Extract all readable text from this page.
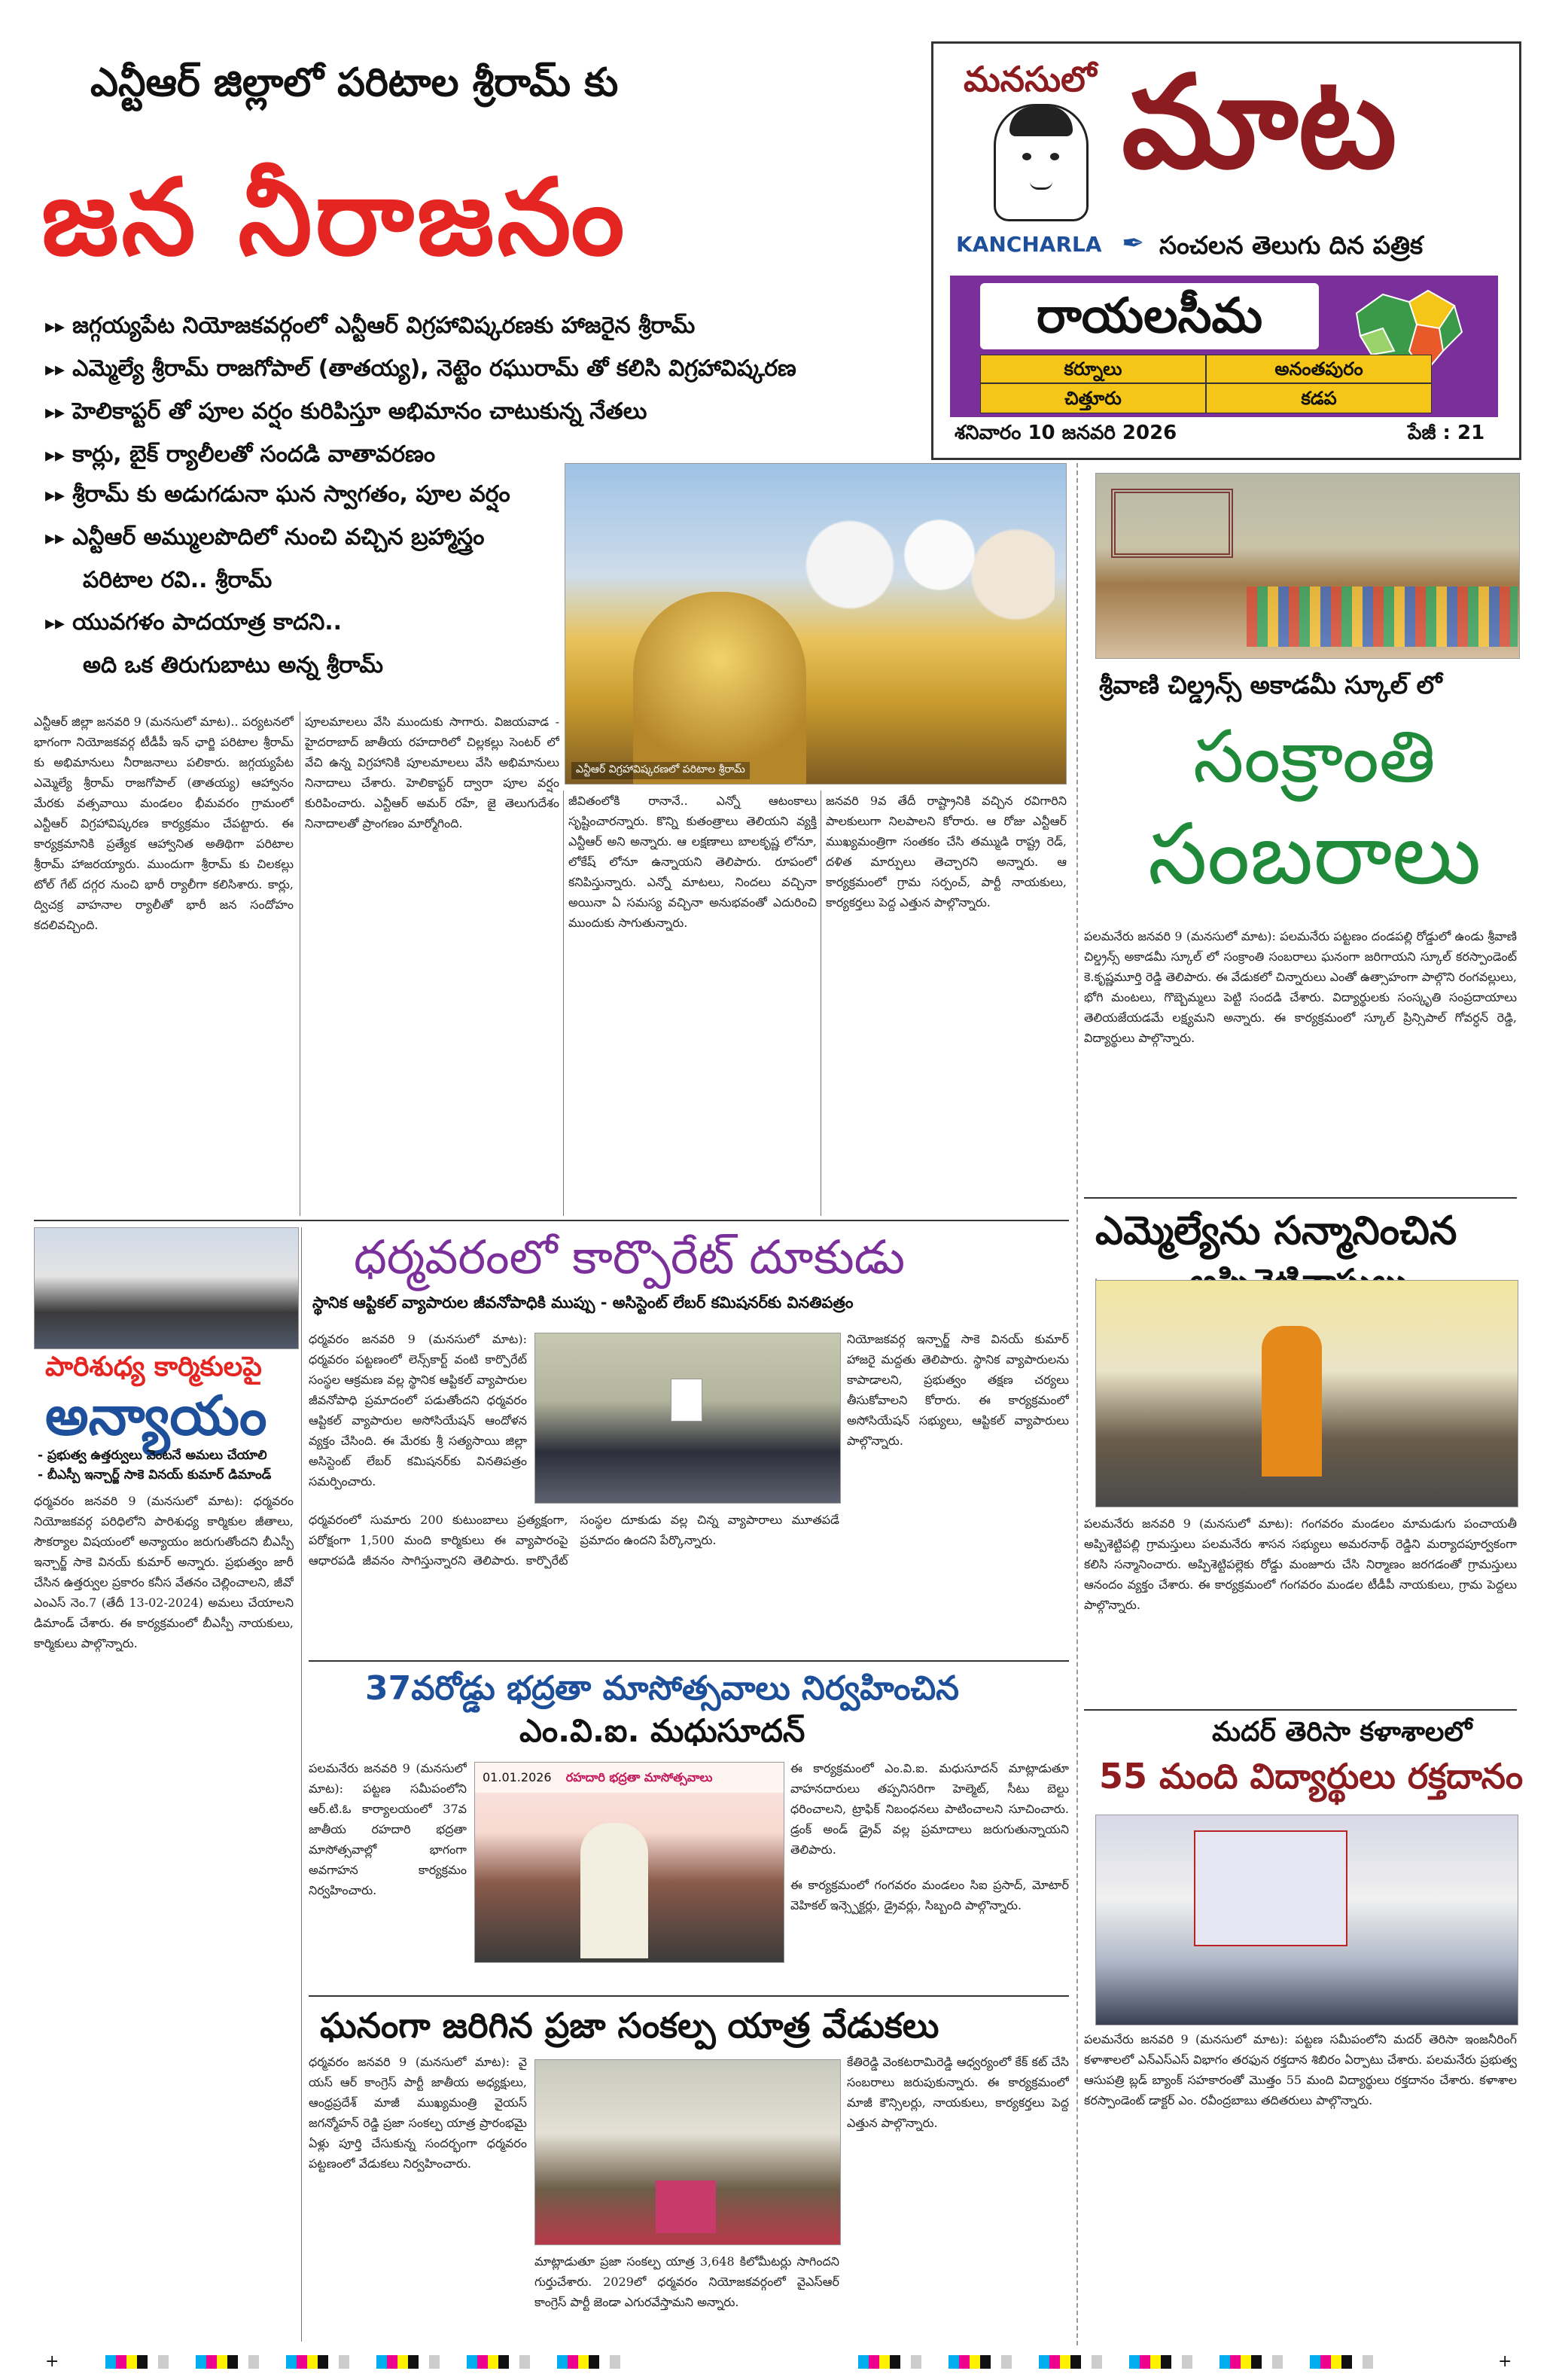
ఎన్టీఆర్ జిల్లాలో పరిటాల శ్రీరామ్ కు
జన నీరాజనం
▸▸ జగ్గయ్యపేట నియోజకవర్గంలో ఎన్టీఆర్ విగ్రహావిష్కరణకు హాజరైన శ్రీరామ్
▸▸ ఎమ్మెల్యే శ్రీరామ్ రాజగోపాల్ (తాతయ్య), నెట్టెం రఘురామ్ తో కలిసి విగ్రహావిష్కరణ
▸▸ హెలికాప్టర్ తో పూల వర్షం కురిపిస్తూ అభిమానం చాటుకున్న నేతలు
▸▸ కార్లు, బైక్ ర్యాలీలతో సందడి వాతావరణం
▸▸ శ్రీరామ్ కు అడుగడునా ఘన స్వాగతం, పూల వర్షం
▸▸ ఎన్టీఆర్ అమ్ములపొదిలో నుంచి వచ్చిన బ్రహ్మాస్త్రం
పరిటాల రవి.. శ్రీరామ్
▸▸ యువగళం పాదయాత్ర కాదని..
అది ఒక తిరుగుబాటు అన్న శ్రీరామ్
ఎన్టీఆర్ విగ్రహావిష్కరణలో పరిటాల శ్రీరామ్
ఎన్టీఆర్ జిల్లా జనవరి 9 (మనసులో మాట).. పర్యటనలో భాగంగా నియోజకవర్గ టీడీపీ ఇన్ ఛార్జి పరిటాల శ్రీరామ్ కు అభిమానులు నీరాజనాలు పలికారు. జగ్గయ్యపేట ఎమ్మెల్యే శ్రీరామ్ రాజగోపాల్ (తాతయ్య) ఆహ్వానం మేరకు వత్సవాయి మండలం భీమవరం గ్రామంలో ఎన్టీఆర్ విగ్రహావిష్కరణ కార్యక్రమం చేపట్టారు. ఈ కార్యక్రమానికి ప్రత్యేక ఆహ్వానిత అతిథిగా పరిటాల శ్రీరామ్ హాజరయ్యారు. ముందుగా శ్రీరామ్ కు చిలకల్లు టోల్ గేట్ దగ్గర నుంచి భారీ ర్యాలీగా కలిసిశారు. కార్లు, ద్విచక్ర వాహనాల ర్యాలీతో భారీ జన సందోహం కదలివచ్చింది.
పూలమాలలు వేసి ముందుకు సాగారు. విజయవాడ - హైదరాబాద్ జాతీయ రహదారిలో చిల్లకల్లు సెంటర్ లో వేచి ఉన్న విగ్రహానికి పూలమాలలు వేసి అభిమానులు నినాదాలు చేశారు. హెలికాప్టర్ ద్వారా పూల వర్షం కురిపించారు. ఎన్టీఆర్ అమర్ రహే, జై తెలుగుదేశం నినాదాలతో ప్రాంగణం మార్మోగింది.
జీవితంలోకి రానానే.. ఎన్నో ఆటంకాలు సృష్టించారన్నారు. కొన్ని కుతంత్రాలు తెలియని వ్యక్తి ఎన్టీఆర్ అని అన్నారు. ఆ లక్షణాలు బాలకృష్ణ లోనూ, లోకేష్ లోనూ ఉన్నాయని తెలిపారు. రూపంలో కనిపిస్తున్నారు. ఎన్నో మాటలు, నిందలు వచ్చినా అయినా ఏ సమస్య వచ్చినా అనుభవంతో ఎదురించి ముందుకు సాగుతున్నారు.
జనవరి 9వ తేదీ రాష్ట్రానికి వచ్చిన రవిగారిని పాలకులుగా నిలపాలని కోరారు. ఆ రోజు ఎన్టీఆర్ ముఖ్యమంత్రిగా సంతకం చేసి తమ్ముడి రాష్ట్ర రెడ్, దళిత మార్పులు తెచ్చారని అన్నారు. ఆ కార్యక్రమంలో గ్రామ సర్పంచ్, పార్టీ నాయకులు, కార్యకర్తలు పెద్ద ఎత్తున పాల్గొన్నారు.
మనసులో మాట
KANCHARLA ✒ సంచలన తెలుగు దిన పత్రిక
రాయలసీమ
కర్నూలు	అనంతపురం
చిత్తూరు	కడప
శనివారం 10 జనవరి 2026	పేజీ : 21
శ్రీవాణి చిల్డ్రన్స్ అకాడమీ స్కూల్ లో
సంక్రాంతి
సంబరాలు
పలమనేరు జనవరి 9 (మనసులో మాట): పలమనేరు పట్టణం దండపల్లి రోడ్డులో ఉండు శ్రీవాణి చిల్డ్రన్స్ అకాడమీ స్కూల్ లో సంక్రాంతి సంబరాలు ఘనంగా జరిగాయని స్కూల్ కరస్పాండెంట్ కె.కృష్ణమూర్తి రెడ్డి తెలిపారు. ఈ వేడుకలో చిన్నారులు ఎంతో ఉత్సాహంగా పాల్గొని రంగవల్లులు, భోగి మంటలు, గొబ్బెమ్మలు పెట్టి సందడి చేశారు. విద్యార్థులకు సంస్కృతి సంప్రదాయాలు తెలియజేయడమే లక్ష్యమని అన్నారు. ఈ కార్యక్రమంలో స్కూల్ ప్రిన్సిపాల్ గోవర్ధన్ రెడ్డి, విద్యార్థులు పాల్గొన్నారు.
ఎమ్మెల్యేను సన్మానించిన
పలమనేరు జనవరి 9 (మనసులో మాట): గంగవరం మండలం మామడుగు పంచాయతీ అప్పిశెట్టిపల్లి గ్రామస్తులు పలమనేరు శాసన సభ్యులు అమరనాథ్ రెడ్డిని మర్యాదపూర్వకంగా కలిసి సన్మానించారు. అప్పిశెట్టిపల్లెకు రోడ్డు మంజూరు చేసి నిర్మాణం జరగడంతో గ్రామస్తులు ఆనందం వ్యక్తం చేశారు. ఈ కార్యక్రమంలో గంగవరం మండల టీడీపీ నాయకులు, గ్రామ పెద్దలు పాల్గొన్నారు.
మదర్ తెరిసా కళాశాలలో
55 మంది విద్యార్థులు రక్తదానం
పలమనేరు జనవరి 9 (మనసులో మాట): పట్టణ సమీపంలోని మదర్ తెరిసా ఇంజనీరింగ్ కళాశాలలో ఎన్ఎస్ఎస్ విభాగం తరఫున రక్తదాన శిబిరం ఏర్పాటు చేశారు. పలమనేరు ప్రభుత్వ ఆసుపత్రి బ్లడ్ బ్యాంక్ సహకారంతో మొత్తం 55 మంది విద్యార్థులు రక్తదానం చేశారు. కళాశాల కరస్పాండెంట్ డాక్టర్ ఎం. రవీంద్రబాబు తదితరులు పాల్గొన్నారు.
పారిశుధ్య కార్మికులపై
అన్యాయం
- ప్రభుత్వ ఉత్తర్వులు వెంటనే అమలు చేయాలి
- బీఎస్పీ ఇన్చార్జ్ సాకె వినయ్ కుమార్ డిమాండ్
ధర్మవరం జనవరి 9 (మనసులో మాట): ధర్మవరం నియోజకవర్గ పరిధిలోని పారిశుధ్య కార్మికుల జీతాలు, సౌకర్యాల విషయంలో అన్యాయం జరుగుతోందని బీఎస్పీ ఇన్చార్జ్ సాకె వినయ్ కుమార్ అన్నారు. ప్రభుత్వం జారీ చేసిన ఉత్తర్వుల ప్రకారం కనీస వేతనం చెల్లించాలని, జీవో ఎంఎస్ నెం.7 (తేదీ 13-02-2024) అమలు చేయాలని డిమాండ్ చేశారు. ఈ కార్యక్రమంలో బీఎస్పీ నాయకులు, కార్మికులు పాల్గొన్నారు.
ధర్మవరంలో కార్పొరేట్ దూకుడు
స్థానిక ఆప్టికల్ వ్యాపారుల జీవనోపాధికి ముప్పు - అసిస్టెంట్ లేబర్ కమిషనర్‌కు వినతిపత్రం
ధర్మవరం జనవరి 9 (మనసులో మాట): ధర్మవరం పట్టణంలో లెన్స్‌కార్ట్ వంటి కార్పొరేట్ సంస్థల ఆక్రమణ వల్ల స్థానిక ఆప్టికల్ వ్యాపారుల జీవనోపాధి ప్రమాదంలో పడుతోందని ధర్మవరం ఆప్టికల్ వ్యాపారుల అసోసియేషన్ ఆందోళన వ్యక్తం చేసింది. ఈ మేరకు శ్రీ సత్యసాయి జిల్లా అసిస్టెంట్ లేబర్ కమిషనర్‌కు వినతిపత్రం సమర్పించారు.
ధర్మవరంలో సుమారు 200 కుటుంబాలు ప్రత్యక్షంగా, పరోక్షంగా 1,500 మంది కార్మికులు ఈ వ్యాపారంపై ఆధారపడి జీవనం సాగిస్తున్నారని తెలిపారు. కార్పొరేట్ సంస్థల దూకుడు వల్ల చిన్న వ్యాపారాలు మూతపడే ప్రమాదం ఉందని పేర్కొన్నారు.
నియోజకవర్గ ఇన్చార్జ్ సాకె వినయ్ కుమార్ హాజరై మద్దతు తెలిపారు. స్థానిక వ్యాపారులను కాపాడాలని, ప్రభుత్వం తక్షణ చర్యలు తీసుకోవాలని కోరారు. ఈ కార్యక్రమంలో అసోసియేషన్ సభ్యులు, ఆప్టికల్ వ్యాపారులు పాల్గొన్నారు.
37వరోడ్డు భద్రతా మాసోత్సవాలు నిర్వహించిన
ఎం.వి.ఐ. మధుసూదన్
పలమనేరు జనవరి 9 (మనసులో మాట): పట్టణ సమీపంలోని ఆర్.టి.ఓ కార్యాలయంలో 37వ జాతీయ రహదారి భద్రతా మాసోత్సవాల్లో భాగంగా అవగాహన కార్యక్రమం నిర్వహించారు.
01.01.2026 రహదారి భద్రతా మాసోత్సవాలు
ఈ కార్యక్రమంలో ఎం.వి.ఐ. మధుసూదన్ మాట్లాడుతూ వాహనదారులు తప్పనిసరిగా హెల్మెట్, సీటు బెల్టు ధరించాలని, ట్రాఫిక్ నిబంధనలు పాటించాలని సూచించారు. డ్రంక్ అండ్ డ్రైవ్ వల్ల ప్రమాదాలు జరుగుతున్నాయని తెలిపారు.
ఈ కార్యక్రమంలో గంగవరం మండలం సిఐ ప్రసాద్, మోటార్ వెహికల్ ఇన్స్పెక్టర్లు, డ్రైవర్లు, సిబ్బంది పాల్గొన్నారు.
ఘనంగా జరిగిన ప్రజా సంకల్ప యాత్ర వేడుకలు
ధర్మవరం జనవరి 9 (మనసులో మాట): వై యస్ ఆర్ కాంగ్రెస్ పార్టీ జాతీయ అధ్యక్షులు, ఆంధ్రప్రదేశ్ మాజీ ముఖ్యమంత్రి వైయస్ జగన్మోహన్ రెడ్డి ప్రజా సంకల్ప యాత్ర ప్రారంభమై ఏళ్లు పూర్తి చేసుకున్న సందర్భంగా ధర్మవరం పట్టణంలో వేడుకలు నిర్వహించారు.
మాట్లాడుతూ ప్రజా సంకల్ప యాత్ర 3,648 కిలోమీటర్లు సాగిందని గుర్తుచేశారు. 2029లో ధర్మవరం నియోజకవర్గంలో వైఎస్ఆర్ కాంగ్రెస్ పార్టీ జెండా ఎగురవేస్తామని అన్నారు.
కేతిరెడ్డి వెంకటరామిరెడ్డి ఆధ్వర్యంలో కేక్ కట్ చేసి సంబరాలు జరుపుకున్నారు. ఈ కార్యక్రమంలో మాజీ కౌన్సిలర్లు, నాయకులు, కార్యకర్తలు పెద్ద ఎత్తున పాల్గొన్నారు.
+	+
